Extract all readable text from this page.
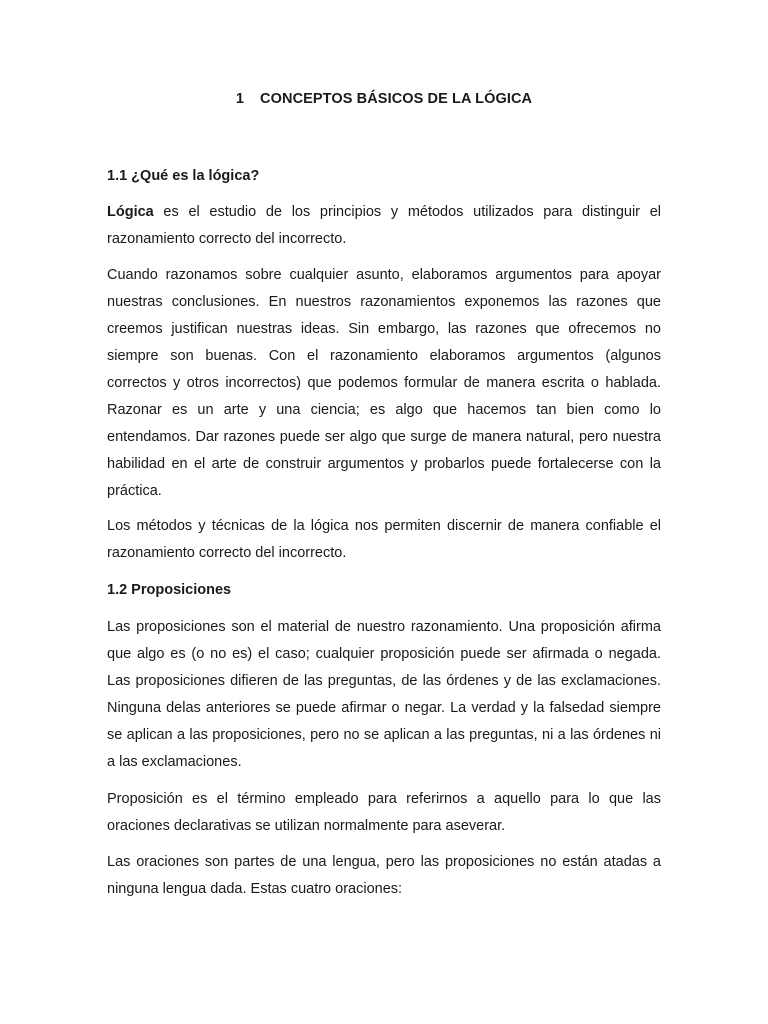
1 CONCEPTOS BÁSICOS DE LA LÓGICA
1.1 ¿Qué es la lógica?

Lógica es el estudio de los principios y métodos utilizados para distinguir el razonamiento correcto del incorrecto.

Cuando razonamos sobre cualquier asunto, elaboramos argumentos para apoyar nuestras conclusiones. En nuestros razonamientos exponemos las razones que creemos justifican nuestras ideas. Sin embargo, las razones que ofrecemos no siempre son buenas. Con el razonamiento elaboramos argumentos (algunos correctos y otros incorrectos) que podemos formular de manera escrita o hablada. Razonar es un arte y una ciencia; es algo que hacemos tan bien como lo entendamos. Dar razones puede ser algo que surge de manera natural, pero nuestra habilidad en el arte de construir argumentos y probarlos puede fortalecerse con la práctica.

Los métodos y técnicas de la lógica nos permiten discernir de manera confiable el razonamiento correcto del incorrecto.

1.2 Proposiciones

Las proposiciones son el material de nuestro razonamiento. Una proposición afirma que algo es (o no es) el caso; cualquier proposición puede ser afirmada o negada. Las proposiciones difieren de las preguntas, de las órdenes y de las exclamaciones. Ninguna delas anteriores se puede afirmar o negar. La verdad y la falsedad siempre se aplican a las proposiciones, pero no se aplican a las preguntas, ni a las órdenes ni a las exclamaciones.

Proposición es el término empleado para referirnos a aquello para lo que las oraciones declarativas se utilizan normalmente para aseverar.

Las oraciones son partes de una lengua, pero las proposiciones no están atadas a ninguna lengua dada. Estas cuatro oraciones:
